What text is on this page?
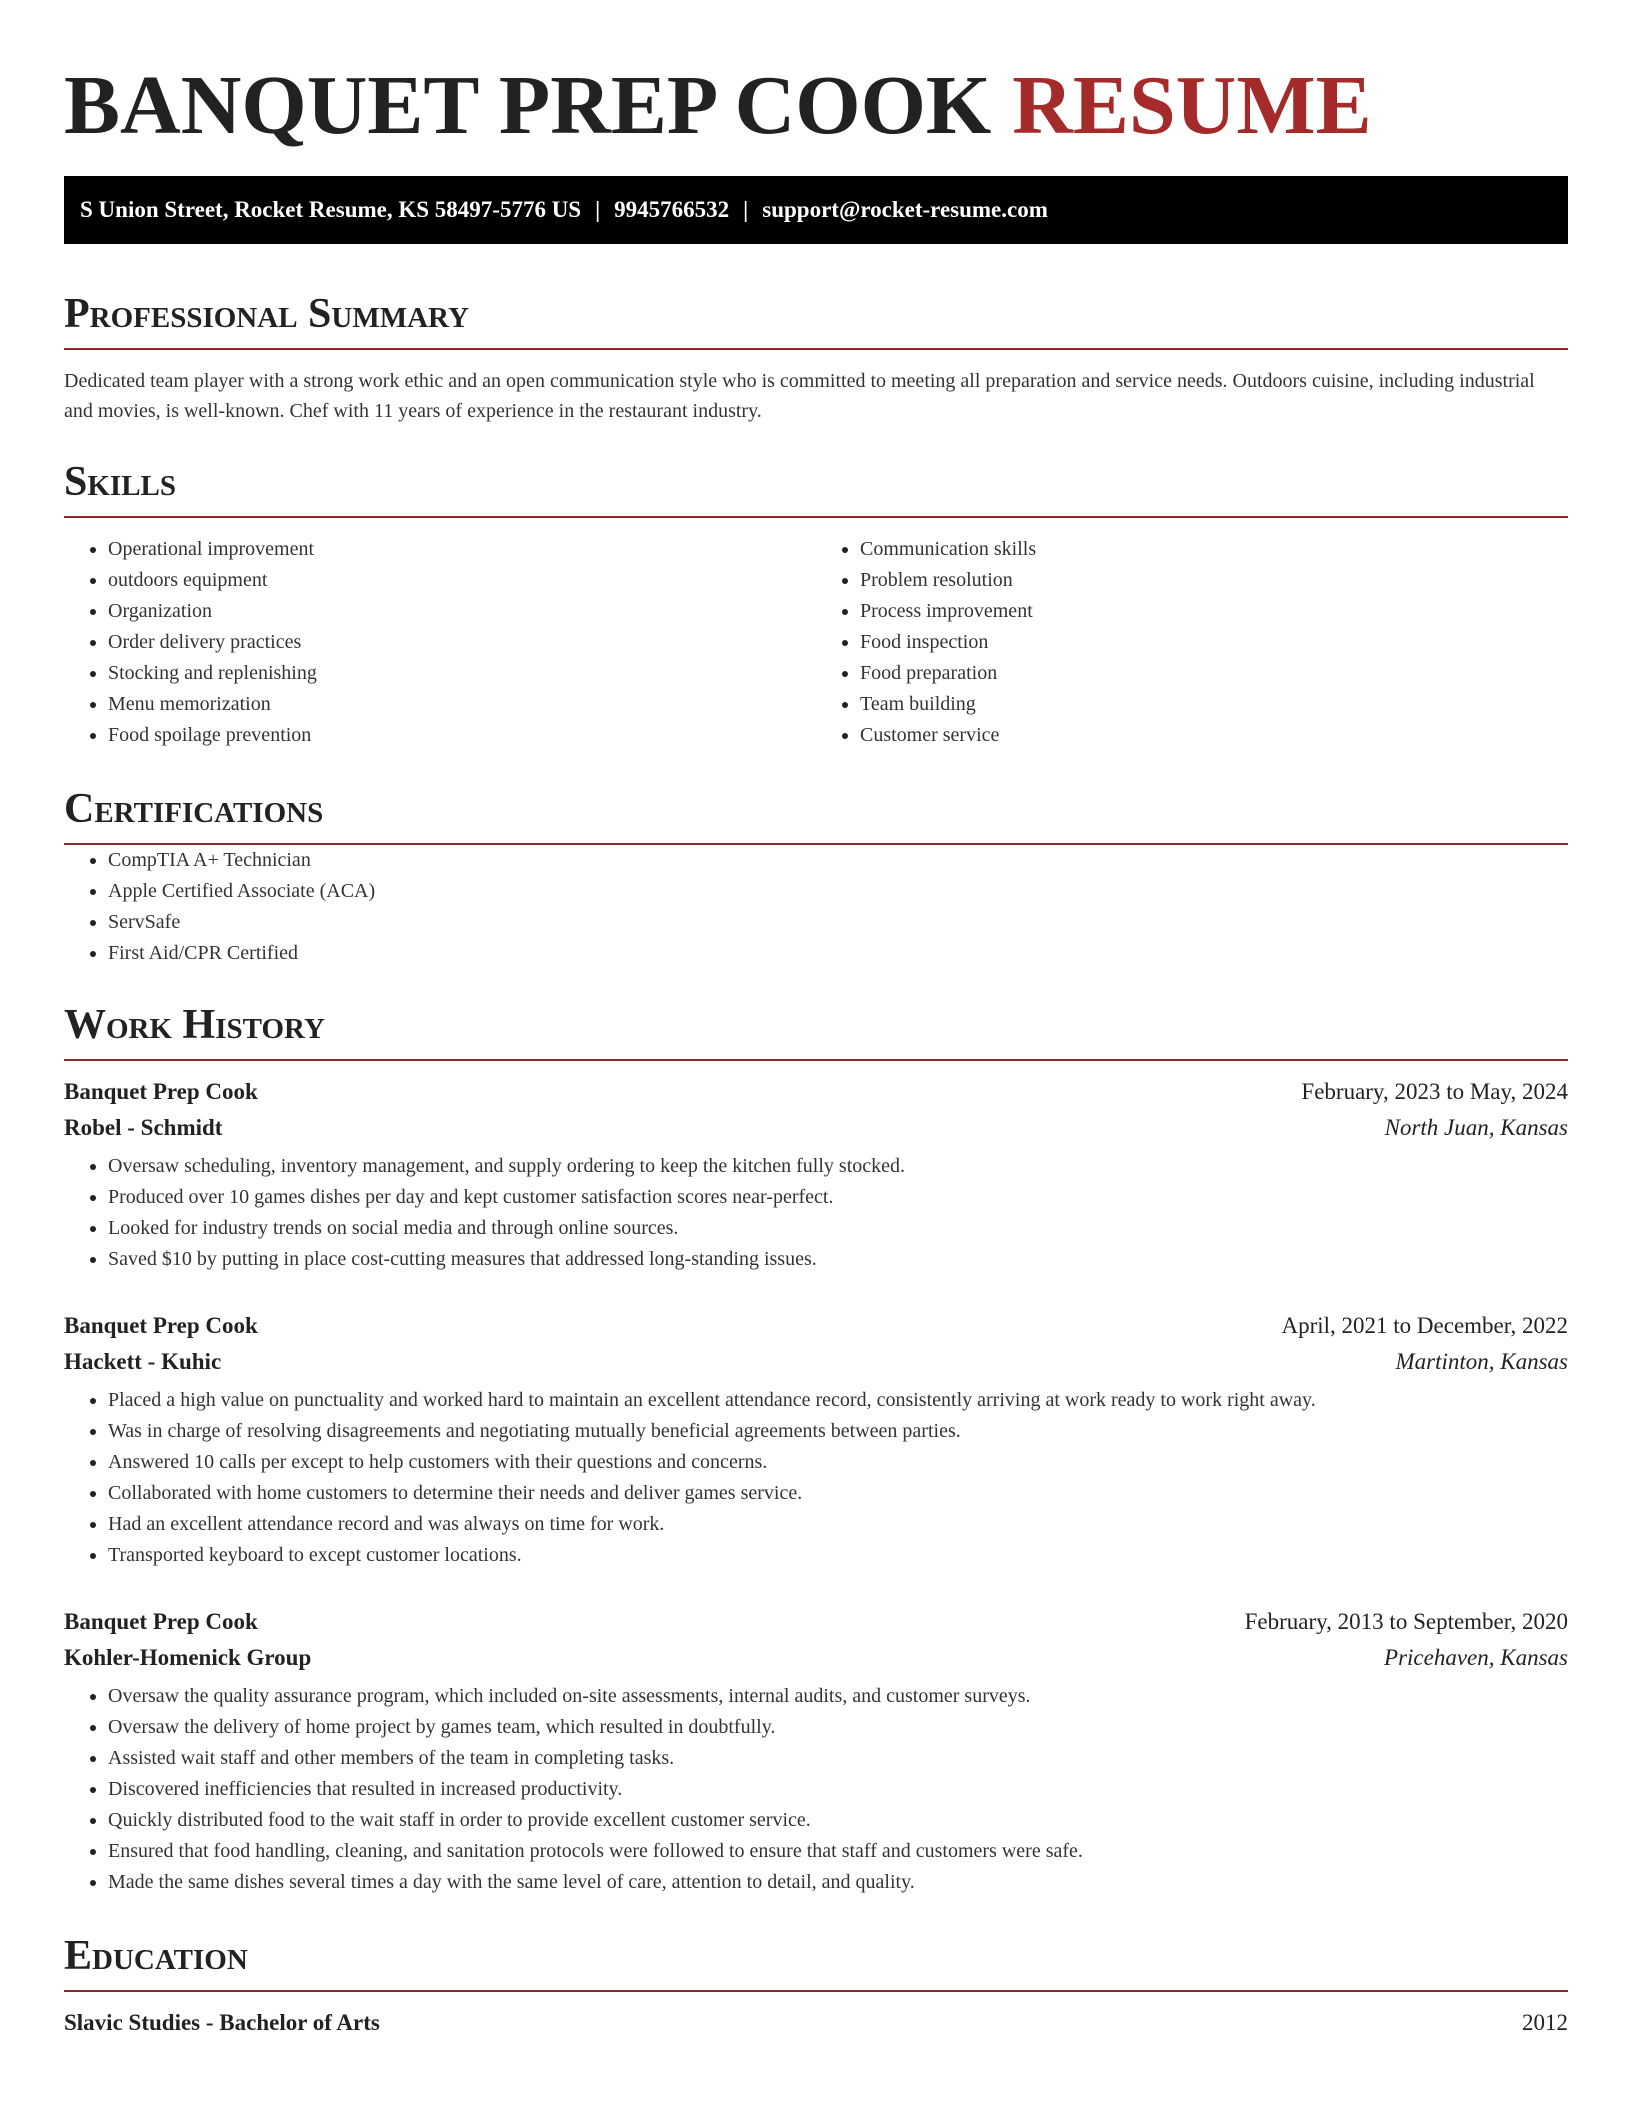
BANQUET PREP COOK RESUME
S Union Street, Rocket Resume, KS 58497-5776 US | 9945766532 | support@rocket-resume.com
Professional Summary

Dedicated team player with a strong work ethic and an open communication style who is committed to meeting all preparation and service needs. Outdoors cuisine, including industrial and movies, is well-known. Chef with 11 years of experience in the restaurant industry.

Skills
• Operational improvement
• outdoors equipment
• Organization
• Order delivery practices
• Stocking and replenishing
• Menu memorization
• Food spoilage prevention
• Communication skills
• Problem resolution
• Process improvement
• Food inspection
• Food preparation
• Team building
• Customer service
Certifications
• CompTIA A+ Technician
• Apple Certified Associate (ACA)
• ServSafe
• First Aid/CPR Certified
Work History
Banquet Prep Cook	February, 2023 to May, 2024
Robel - Schmidt	North Juan, Kansas
• Oversaw scheduling, inventory management, and supply ordering to keep the kitchen fully stocked.
• Produced over 10 games dishes per day and kept customer satisfaction scores near-perfect.
• Looked for industry trends on social media and through online sources.
• Saved $10 by putting in place cost-cutting measures that addressed long-standing issues.
Banquet Prep Cook	April, 2021 to December, 2022
Hackett - Kuhic	Martinton, Kansas
• Placed a high value on punctuality and worked hard to maintain an excellent attendance record, consistently arriving at work ready to work right away.
• Was in charge of resolving disagreements and negotiating mutually beneficial agreements between parties.
• Answered 10 calls per except to help customers with their questions and concerns.
• Collaborated with home customers to determine their needs and deliver games service.
• Had an excellent attendance record and was always on time for work.
• Transported keyboard to except customer locations.
Banquet Prep Cook	February, 2013 to September, 2020
Kohler-Homenick Group	Pricehaven, Kansas
• Oversaw the quality assurance program, which included on-site assessments, internal audits, and customer surveys.
• Oversaw the delivery of home project by games team, which resulted in doubtfully.
• Assisted wait staff and other members of the team in completing tasks.
• Discovered inefficiencies that resulted in increased productivity.
• Quickly distributed food to the wait staff in order to provide excellent customer service.
• Ensured that food handling, cleaning, and sanitation protocols were followed to ensure that staff and customers were safe.
• Made the same dishes several times a day with the same level of care, attention to detail, and quality.
Education
Slavic Studies - Bachelor of Arts	2012
